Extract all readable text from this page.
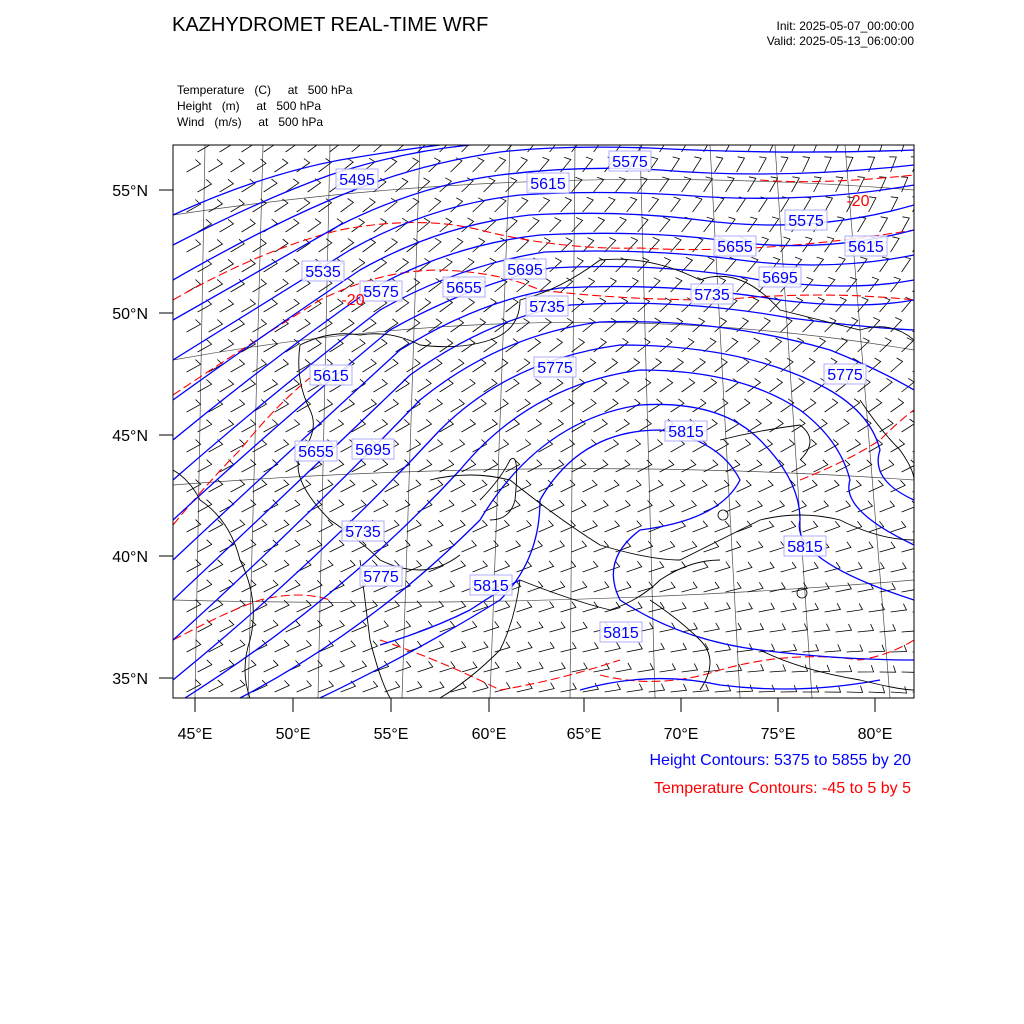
KAZHYDROMET REAL-TIME WRF	Init: 2025-05-07_00:00:00
Valid: 2025-05-13_06:00:00
Temperature   (C)     at   500 hPa
Height   (m)     at   500 hPa
Wind   (m/s)     at   500 hPa
5575
5495	5615
5575
5655	5615
5535
5575	5655
5695	5695
5735
5735
5615	5775	5775
5815
5655 5695
5735
5775
5815
5815
5815
-20
-20
55°N
50°N
45°N
40°N
35°N
45°E	50°E	55°E	60°E	65°E	70°E	75°E	80°E
Height Contours: 5375 to 5855 by 20
Temperature Contours: -45 to 5 by 5
